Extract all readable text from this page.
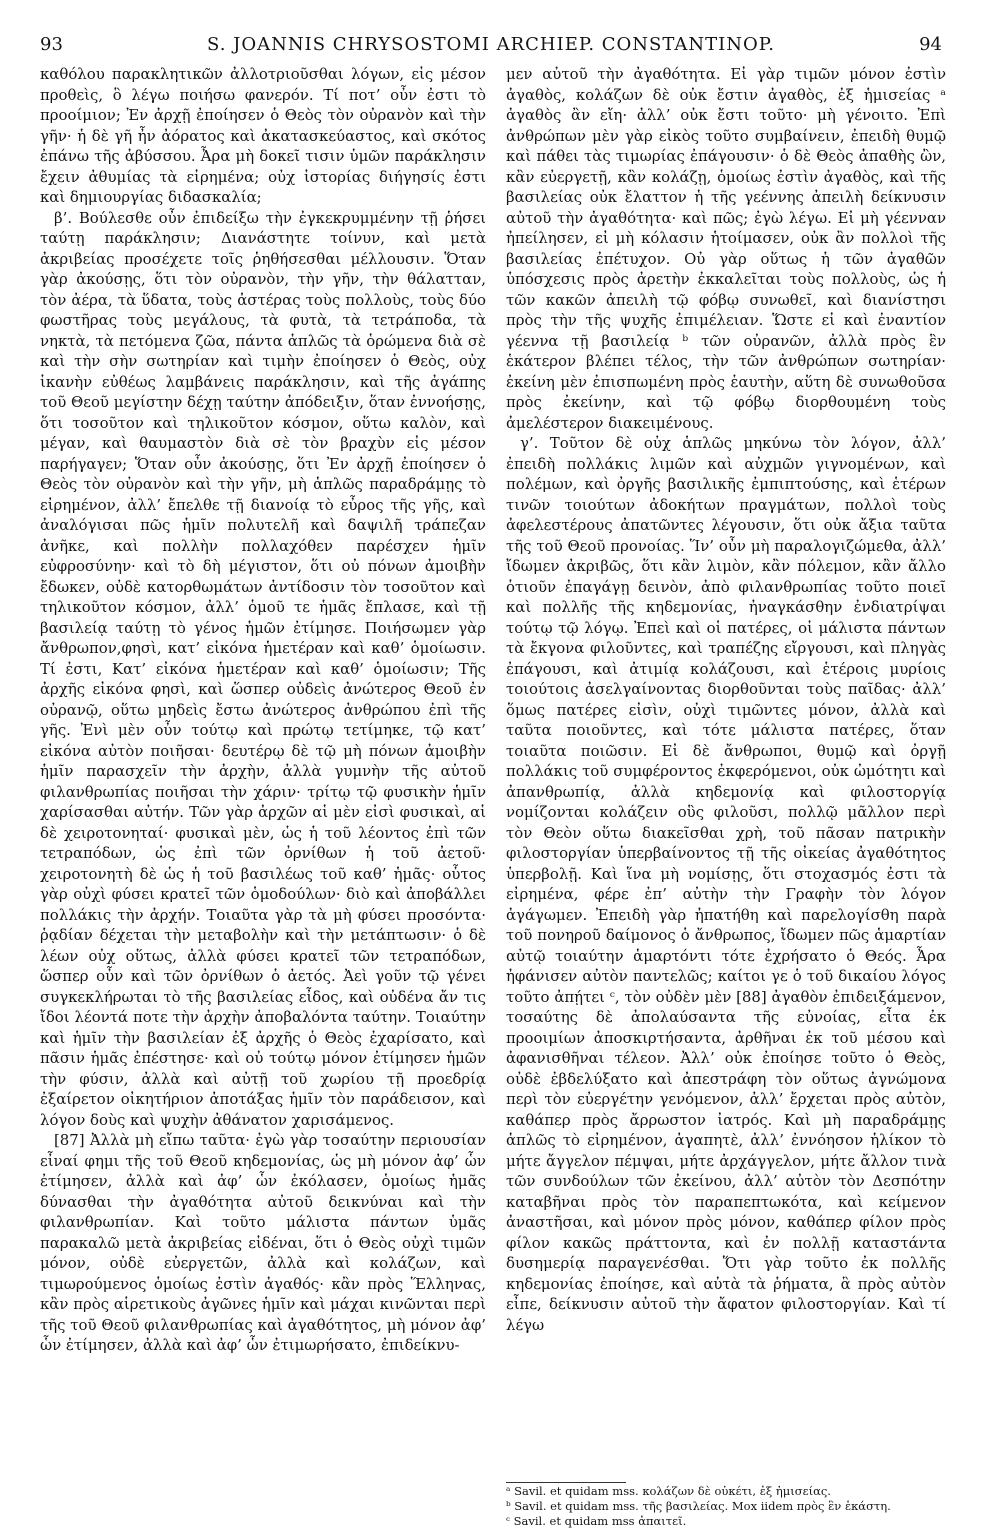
93	S. JOANNIS CHRYSOSTOMI ARCHIEP. CONSTANTINOP.	94

καθόλου παρακλητικῶν ἀλλοτριοῦσθαι λόγων, εἰς μέσον προθεὶς, ὃ λέγω ποιήσω φανερόν. Τί ποτ’ οὖν ἐστι τὸ προοίμιον; Ἐν ἀρχῇ ἐποίησεν ὁ Θεὸς τὸν οὐρανὸν καὶ τὴν γῆν· ἡ δὲ γῆ ἦν ἀόρατος καὶ ἀκατασκεύαστος, καὶ σκότος ἐπάνω τῆς ἀβύσσου. Ἆρα μὴ δοκεῖ τισιν ὑμῶν παράκλησιν ἔχειν ἀθυμίας τὰ εἰρημένα; οὐχ ἱστορίας διήγησίς ἐστι καὶ δημιουργίας διδασκαλία;

β’. Βούλεσθε οὖν ἐπιδείξω τὴν ἐγκεκρυμμένην τῇ ῥήσει ταύτῃ παράκλησιν; Διανάστητε τοίνυν, καὶ μετὰ ἀκριβείας προσέχετε τοῖς ῥηθήσεσθαι μέλλουσιν. Ὅταν γὰρ ἀκούσῃς, ὅτι τὸν οὐρανὸν, τὴν γῆν, τὴν θάλατταν, τὸν ἀέρα, τὰ ὕδατα, τοὺς ἀστέρας τοὺς πολλοὺς, τοὺς δύο φωστῆρας τοὺς μεγάλους, τὰ φυτὰ, τὰ τετράποδα, τὰ νηκτὰ, τὰ πετόμενα ζῶα, πάντα ἁπλῶς τὰ ὁρώμενα διὰ σὲ καὶ τὴν σὴν σωτηρίαν καὶ τιμὴν ἐποίησεν ὁ Θεὸς, οὐχ ἱκανὴν εὐθέως λαμβάνεις παράκλησιν, καὶ τῆς ἀγάπης τοῦ Θεοῦ μεγίστην δέχῃ ταύτην ἀπόδειξιν, ὅταν ἐννοήσῃς, ὅτι τοσοῦτον καὶ τηλικοῦτον κόσμον, οὕτω καλὸν, καὶ μέγαν, καὶ θαυμαστὸν διὰ σὲ τὸν βραχὺν εἰς μέσον παρήγαγεν; Ὅταν οὖν ἀκούσῃς, ὅτι Ἐν ἀρχῇ ἐποίησεν ὁ Θεὸς τὸν οὐρανὸν καὶ τὴν γῆν, μὴ ἁπλῶς παραδράμῃς τὸ εἰρημένον, ἀλλ’ ἔπελθε τῇ διανοίᾳ τὸ εὖρος τῆς γῆς, καὶ ἀναλόγισαι πῶς ἡμῖν πολυτελῆ καὶ δαψιλῆ τράπεζαν ἀνῆκε, καὶ πολλὴν πολλαχόθεν παρέσχεν ἡμῖν εὐφροσύνην· καὶ τὸ δὴ μέγιστον, ὅτι οὐ πόνων ἀμοιβὴν ἔδωκεν, οὐδὲ κατορθωμάτων ἀντίδοσιν τὸν τοσοῦτον καὶ τηλικοῦτον κόσμον, ἀλλ’ ὁμοῦ τε ἡμᾶς ἔπλασε, καὶ τῇ βασιλείᾳ ταύτῃ τὸ γένος ἡμῶν ἐτίμησε. Ποιήσωμεν γὰρ ἄνθρωπον,φησὶ, κατ’ εἰκόνα ἡμετέραν καὶ καθ’ ὁμοίωσιν. Τί ἐστι, Κατ’ εἰκόνα ἡμετέραν καὶ καθ’ ὁμοίωσιν; Τῆς ἀρχῆς εἰκόνα φησὶ, καὶ ὥσπερ οὐδεὶς ἀνώτερος Θεοῦ ἐν οὐρανῷ, οὕτω μηδεὶς ἔστω ἀνώτερος ἀνθρώπου ἐπὶ τῆς γῆς. Ἐνὶ μὲν οὖν τούτῳ καὶ πρώτῳ τετίμηκε, τῷ κατ’ εἰκόνα αὐτὸν ποιῆσαι· δευτέρῳ δὲ τῷ μὴ πόνων ἀμοιβὴν ἡμῖν παρασχεῖν τὴν ἀρχὴν, ἀλλὰ γυμνὴν τῆς αὐτοῦ φιλανθρωπίας ποιῆσαι τὴν χάριν· τρίτῳ τῷ φυσικὴν ἡμῖν χαρίσασθαι αὐτήν. Τῶν γὰρ ἀρχῶν αἱ μὲν εἰσὶ φυσικαὶ, αἱ δὲ χειροτονηταί· φυσικαὶ μὲν, ὡς ἡ τοῦ λέοντος ἐπὶ τῶν τετραπόδων, ὡς ἐπὶ τῶν ὀρνίθων ἡ τοῦ ἀετοῦ· χειροτονητὴ δὲ ὡς ἡ τοῦ βασιλέως τοῦ καθ’ ἡμᾶς· οὗτος γὰρ οὐχὶ φύσει κρατεῖ τῶν ὁμοδούλων· διὸ καὶ ἀποβάλλει πολλάκις τὴν ἀρχήν. Τοιαῦτα γὰρ τὰ μὴ φύσει προσόντα· ῥᾳδίαν δέχεται τὴν μεταβολὴν καὶ τὴν μετάπτωσιν· ὁ δὲ λέων οὐχ οὕτως, ἀλλὰ φύσει κρατεῖ τῶν τετραπόδων, ὥσπερ οὖν καὶ τῶν ὀρνίθων ὁ ἀετός. Ἀεὶ γοῦν τῷ γένει συγκεκλήρωται τὸ τῆς βασιλείας εἶδος, καὶ οὐδένα ἄν τις ἴδοι λέοντά ποτε τὴν ἀρχὴν ἀποβαλόντα ταύτην. Τοιαύτην καὶ ἡμῖν τὴν βασιλείαν ἐξ ἀρχῆς ὁ Θεὸς ἐχαρίσατο, καὶ πᾶσιν ἡμᾶς ἐπέστησε· καὶ οὐ τούτῳ μόνον ἐτίμησεν ἡμῶν τὴν φύσιν, ἀλλὰ καὶ αὐτῇ τοῦ χωρίου τῇ προεδρίᾳ ἐξαίρετον οἰκητήριον ἀποτάξας ἡμῖν τὸν παράδεισον, καὶ λόγον δοὺς καὶ ψυχὴν ἀθάνατον χαρισάμενος.

[87] Ἀλλὰ μὴ εἴπω ταῦτα· ἐγὼ γὰρ τοσαύτην περιουσίαν εἶναί φημι τῆς τοῦ Θεοῦ κηδεμονίας, ὡς μὴ μόνον ἀφ’ ὧν ἐτίμησεν, ἀλλὰ καὶ ἀφ’ ὧν ἐκόλασεν, ὁμοίως ἡμᾶς δύνασθαι τὴν ἀγαθότητα αὐτοῦ δεικνύναι καὶ τὴν φιλανθρωπίαν. Καὶ τοῦτο μάλιστα πάντων ὑμᾶς παρακαλῶ μετὰ ἀκριβείας εἰδέναι, ὅτι ὁ Θεὸς οὐχὶ τιμῶν μόνον, οὐδὲ εὐεργετῶν, ἀλλὰ καὶ κολάζων, καὶ τιμωρούμενος ὁμοίως ἐστὶν ἀγαθός· κἂν πρὸς Ἕλληνας, κἂν πρὸς αἱρετικοὺς ἀγῶνες ἡμῖν καὶ μάχαι κινῶνται περὶ τῆς τοῦ Θεοῦ φιλανθρωπίας καὶ ἀγαθότητος, μὴ μόνον ἀφ’ ὧν ἐτίμησεν, ἀλλὰ καὶ ἀφ’ ὧν ἐτιμωρήσατο, ἐπιδείκνυ-

μεν αὐτοῦ τὴν ἀγαθότητα. Εἰ γὰρ τιμῶν μόνον ἐστὶν ἀγαθὸς, κολάζων δὲ οὐκ ἔστιν ἀγαθὸς, ἐξ ἡμισείας ᵃ ἀγαθὸς ἂν εἴη· ἀλλ’ οὐκ ἔστι τοῦτο· μὴ γένοιτο. Ἐπὶ ἀνθρώπων μὲν γὰρ εἰκὸς τοῦτο συμβαίνειν, ἐπειδὴ θυμῷ καὶ πάθει τὰς τιμωρίας ἐπάγουσιν· ὁ δὲ Θεὸς ἀπαθὴς ὢν, κἂν εὐεργετῇ, κἂν κολάζῃ, ὁμοίως ἐστὶν ἀγαθὸς, καὶ τῆς βασιλείας οὐκ ἔλαττον ἡ τῆς γεέννης ἀπειλὴ δείκνυσιν αὐτοῦ τὴν ἀγαθότητα· καὶ πῶς; ἐγὼ λέγω. Εἰ μὴ γέενναν ἠπείλησεν, εἰ μὴ κόλασιν ἡτοίμασεν, οὐκ ἂν πολλοὶ τῆς βασιλείας ἐπέτυχον. Οὐ γὰρ οὕτως ἡ τῶν ἀγαθῶν ὑπόσχεσις πρὸς ἀρετὴν ἐκκαλεῖται τοὺς πολλοὺς, ὡς ἡ τῶν κακῶν ἀπειλὴ τῷ φόβῳ συνωθεῖ, καὶ διανίστησι πρὸς τὴν τῆς ψυχῆς ἐπιμέλειαν. Ὥστε εἰ καὶ ἐναντίον γέεννα τῇ βασιλείᾳ ᵇ τῶν οὐρανῶν, ἀλλὰ πρὸς ἓν ἑκάτερον βλέπει τέλος, τὴν τῶν ἀνθρώπων σωτηρίαν· ἐκείνη μὲν ἐπισπωμένη πρὸς ἑαυτὴν, αὕτη δὲ συνωθοῦσα πρὸς ἐκείνην, καὶ τῷ φόβῳ διορθουμένη τοὺς ἀμελέστερον διακειμένους.

γ’. Τοῦτον δὲ οὐχ ἁπλῶς μηκύνω τὸν λόγον, ἀλλ’ ἐπειδὴ πολλάκις λιμῶν καὶ αὐχμῶν γιγνομένων, καὶ πολέμων, καὶ ὀργῆς βασιλικῆς ἐμπιπτούσης, καὶ ἑτέρων τινῶν τοιούτων ἀδοκήτων πραγμάτων, πολλοὶ τοὺς ἀφελεστέρους ἀπατῶντες λέγουσιν, ὅτι οὐκ ἄξια ταῦτα τῆς τοῦ Θεοῦ προνοίας. Ἵν’ οὖν μὴ παραλογιζώμεθα, ἀλλ’ ἴδωμεν ἀκριβῶς, ὅτι κἂν λιμὸν, κἂν πόλεμον, κἂν ἄλλο ὁτιοῦν ἐπαγάγῃ δεινὸν, ἀπὸ φιλανθρωπίας τοῦτο ποιεῖ καὶ πολλῆς τῆς κηδεμονίας, ἠναγκάσθην ἐνδιατρίψαι τούτῳ τῷ λόγῳ. Ἐπεὶ καὶ οἱ πατέρες, οἱ μάλιστα πάντων τὰ ἔκγονα φιλοῦντες, καὶ τραπέζης εἴργουσι, καὶ πληγὰς ἐπάγουσι, καὶ ἀτιμίᾳ κολάζουσι, καὶ ἑτέροις μυρίοις τοιούτοις ἀσελγαίνοντας διορθοῦνται τοὺς παῖδας· ἀλλ’ ὅμως πατέρες εἰσὶν, οὐχὶ τιμῶντες μόνον, ἀλλὰ καὶ ταῦτα ποιοῦντες, καὶ τότε μάλιστα πατέρες, ὅταν τοιαῦτα ποιῶσιν. Εἰ δὲ ἄνθρωποι, θυμῷ καὶ ὀργῇ πολλάκις τοῦ συμφέροντος ἐκφερόμενοι, οὐκ ὠμότητι καὶ ἀπανθρωπίᾳ, ἀλλὰ κηδεμονίᾳ καὶ φιλοστοργίᾳ νομίζονται κολάζειν οὓς φιλοῦσι, πολλῷ μᾶλλον περὶ τὸν Θεὸν οὕτω διακεῖσθαι χρὴ, τοῦ πᾶσαν πατρικὴν φιλοστοργίαν ὑπερβαίνοντος τῇ τῆς οἰκείας ἀγαθότητος ὑπερβολῇ. Καὶ ἵνα μὴ νομίσῃς, ὅτι στοχασμός ἐστι τὰ εἰρημένα, φέρε ἐπ’ αὐτὴν τὴν Γραφὴν τὸν λόγον ἀγάγωμεν. Ἐπειδὴ γὰρ ἠπατήθη καὶ παρελογίσθη παρὰ τοῦ πονηροῦ δαίμονος ὁ ἄνθρωπος, ἴδωμεν πῶς ἁμαρτίαν αὐτῷ τοιαύτην ἁμαρτόντι τότε ἐχρήσατο ὁ Θεός. Ἆρα ἠφάνισεν αὐτὸν παντελῶς; καίτοι γε ὁ τοῦ δικαίου λόγος τοῦτο ἀπῄτει ᶜ, τὸν οὐδὲν μὲν [88] ἀγαθὸν ἐπιδειξάμενον, τοσαύτης δὲ ἀπολαύσαντα τῆς εὐνοίας, εἶτα ἐκ προοιμίων ἀποσκιρτήσαντα, ἀρθῆναι ἐκ τοῦ μέσου καὶ ἀφανισθῆναι τέλεον. Ἀλλ’ οὐκ ἐποίησε τοῦτο ὁ Θεὸς, οὐδὲ ἐβδελύξατο καὶ ἀπεστράφη τὸν οὕτως ἀγνώμονα περὶ τὸν εὐεργέτην γενόμενον, ἀλλ’ ἔρχεται πρὸς αὐτὸν, καθάπερ πρὸς ἄρρωστον ἰατρός. Καὶ μὴ παραδράμῃς ἁπλῶς τὸ εἰρημένον, ἀγαπητὲ, ἀλλ’ ἐννόησον ἡλίκον τὸ μήτε ἄγγελον πέμψαι, μήτε ἀρχάγγελον, μήτε ἄλλον τινὰ τῶν συνδούλων τῶν ἐκείνου, ἀλλ’ αὐτὸν τὸν Δεσπότην καταβῆναι πρὸς τὸν παραπεπτωκότα, καὶ κείμενον ἀναστῆσαι, καὶ μόνον πρὸς μόνον, καθάπερ φίλον πρὸς φίλον κακῶς πράττοντα, καὶ ἐν πολλῇ καταστάντα δυσημερίᾳ παραγενέσθαι. Ὅτι γὰρ τοῦτο ἐκ πολλῆς κηδεμονίας ἐποίησε, καὶ αὐτὰ τὰ ῥήματα, ἃ πρὸς αὐτὸν εἶπε, δείκνυσιν αὐτοῦ τὴν ἄφατον φιλοστοργίαν. Καὶ τί λέγω

ᵃ Savil. et quidam mss. κολάζων δὲ οὐκέτι, ἐξ ἡμισείας.
ᵇ Savil. et quidam mss. τῆς βασιλείας. Mox iidem πρὸς ἓν ἑκάστη.
ᶜ Savil. et quidam mss ἀπαιτεῖ.
